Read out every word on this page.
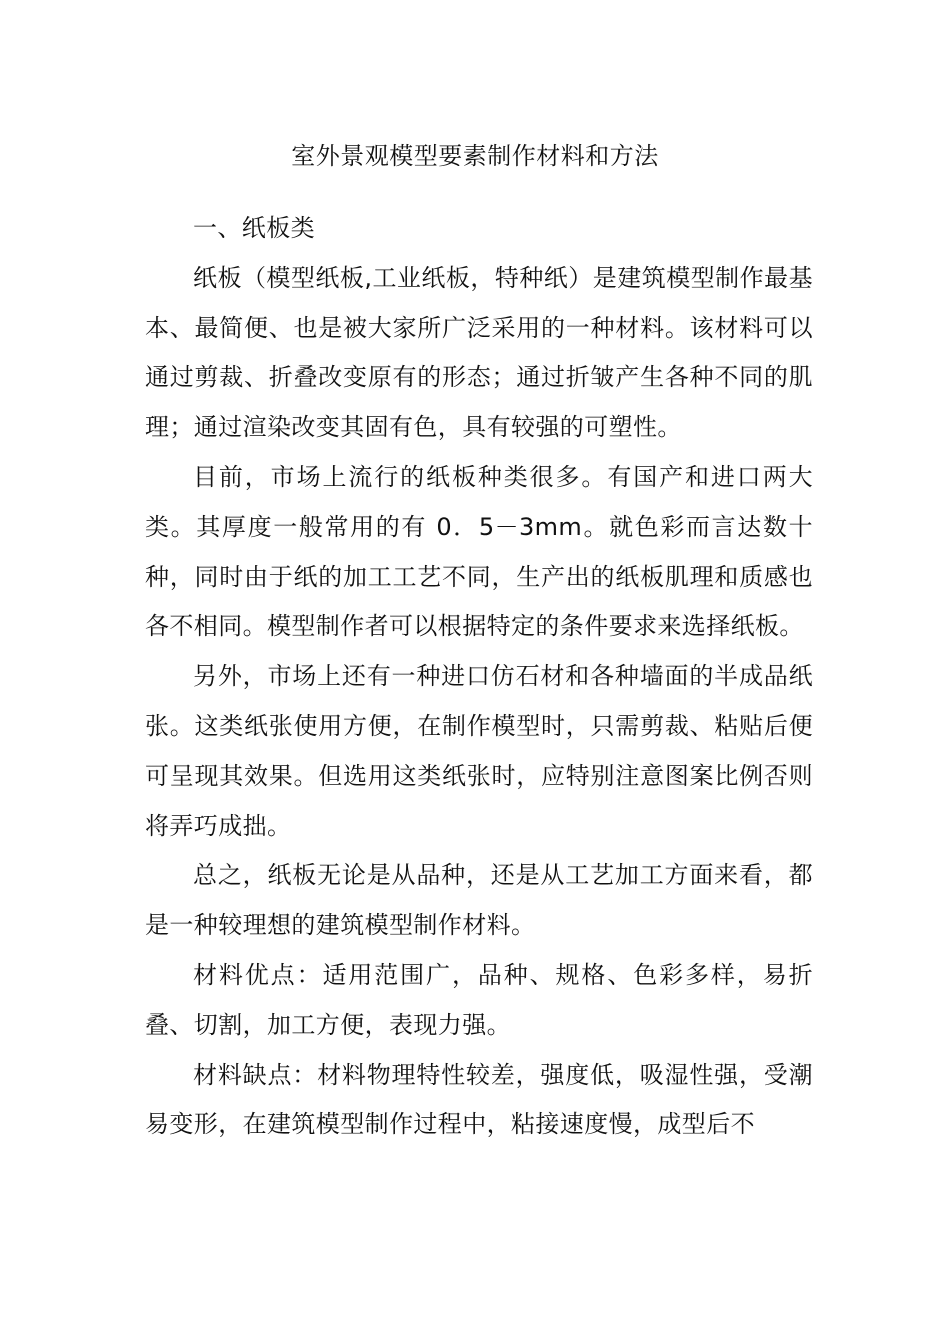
室外景观模型要素制作材料和方法

一、纸板类

纸板（模型纸板,工业纸板，特种纸）是建筑模型制作最基本、最简便、也是被大家所广泛采用的一种材料。该材料可以通过剪裁、折叠改变原有的形态；通过折皱产生各种不同的肌理；通过渲染改变其固有色，具有较强的可塑性。

目前，市场上流行的纸板种类很多。有国产和进口两大类。其厚度一般常用的有 0．5－3mm。就色彩而言达数十种，同时由于纸的加工工艺不同，生产出的纸板肌理和质感也各不相同。模型制作者可以根据特定的条件要求来选择纸板。

另外，市场上还有一种进口仿石材和各种墙面的半成品纸张。这类纸张使用方便，在制作模型时，只需剪裁、粘贴后便可呈现其效果。但选用这类纸张时，应特别注意图案比例否则将弄巧成拙。

总之，纸板无论是从品种，还是从工艺加工方面来看，都是一种较理想的建筑模型制作材料。

材料优点：适用范围广，品种、规格、色彩多样，易折叠、切割，加工方便，表现力强。

材料缺点：材料物理特性较差，强度低，吸湿性强，受潮易变形，在建筑模型制作过程中，粘接速度慢，成型后不
